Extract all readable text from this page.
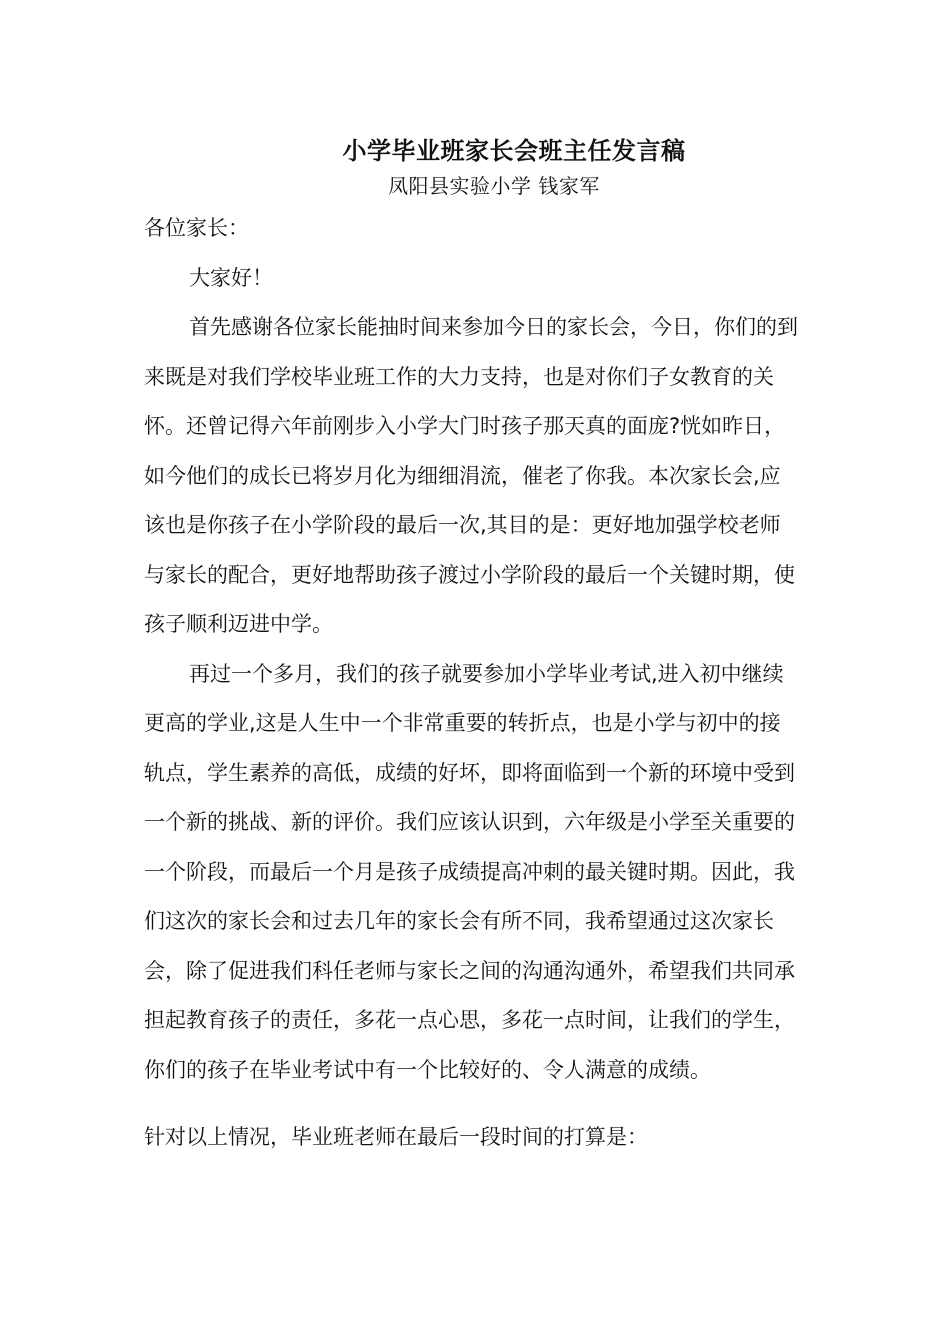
小学毕业班家长会班主任发言稿
凤阳县实验小学 钱家军

各位家长：

大家好！

首先感谢各位家长能抽时间来参加今日的家长会，今日，你们的到来既是对我们学校毕业班工作的大力支持，也是对你们子女教育的关怀。还曾记得六年前刚步入小学大门时孩子那天真的面庞?恍如昨日，如今他们的成长已将岁月化为细细涓流，催老了你我。本次家长会,应该也是你孩子在小学阶段的最后一次,其目的是：更好地加强学校老师与家长的配合，更好地帮助孩子渡过小学阶段的最后一个关键时期，使孩子顺利迈进中学。

再过一个多月，我们的孩子就要参加小学毕业考试,进入初中继续更高的学业,这是人生中一个非常重要的转折点，也是小学与初中的接轨点，学生素养的高低，成绩的好坏，即将面临到一个新的环境中受到一个新的挑战、新的评价。我们应该认识到，六年级是小学至关重要的一个阶段，而最后一个月是孩子成绩提高冲刺的最关键时期。因此，我们这次的家长会和过去几年的家长会有所不同，我希望通过这次家长会，除了促进我们科任老师与家长之间的沟通沟通外，希望我们共同承担起教育孩子的责任，多花一点心思，多花一点时间，让我们的学生，你们的孩子在毕业考试中有一个比较好的、令人满意的成绩。

针对以上情况，毕业班老师在最后一段时间的打算是：
